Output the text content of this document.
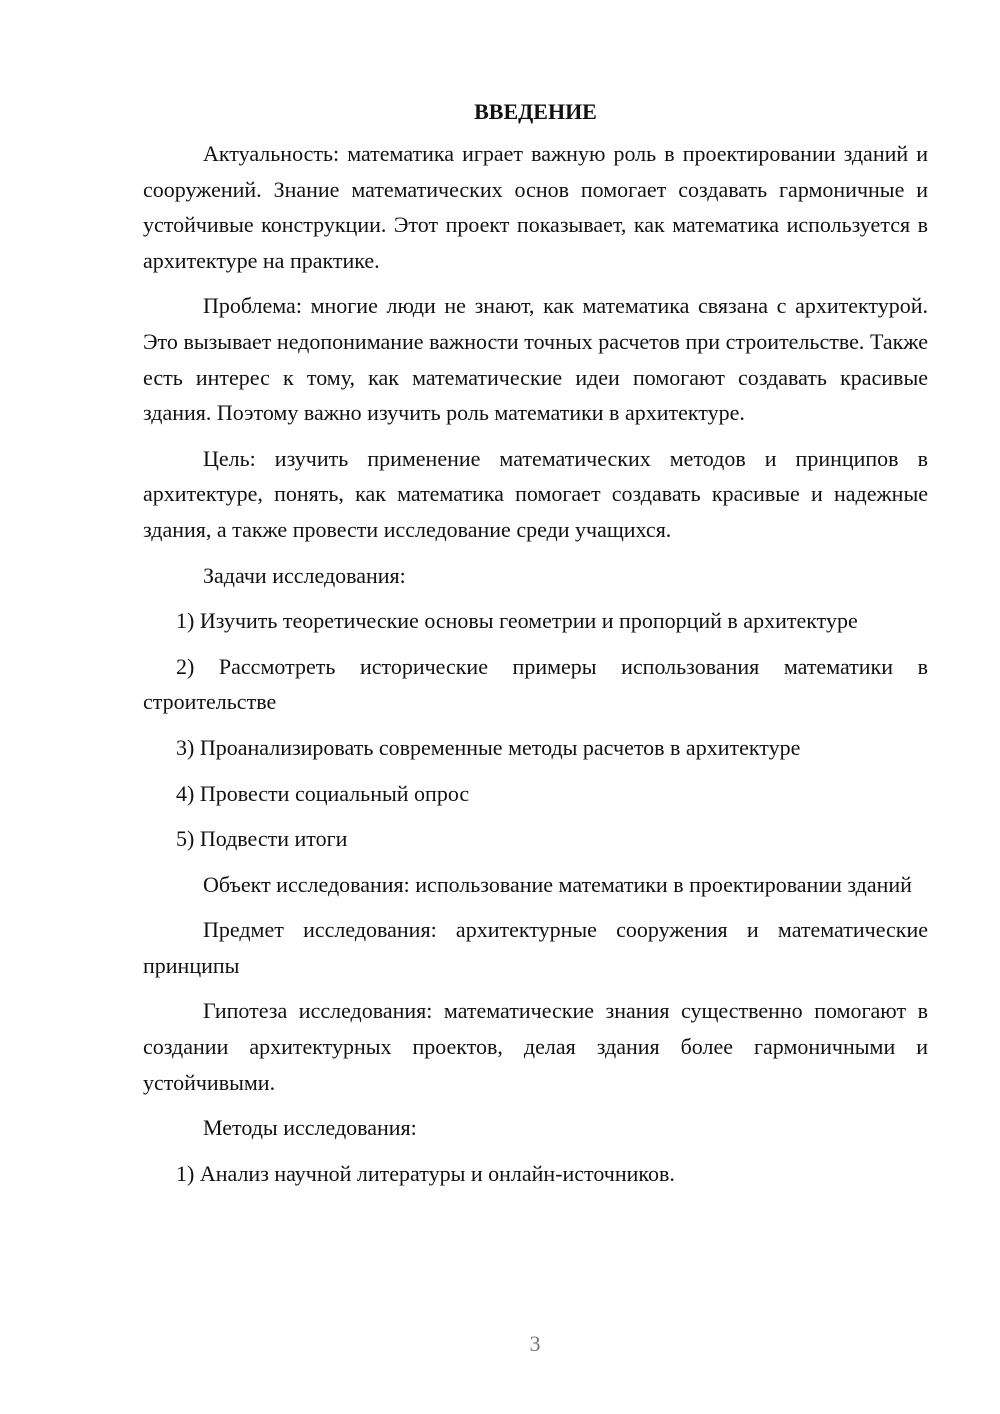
ВВЕДЕНИЕ

Актуальность: математика играет важную роль в проектировании зданий и сооружений. Знание математических основ помогает создавать гармоничные и устойчивые конструкции. Этот проект показывает, как математика используется в архитектуре на практике.

Проблема: многие люди не знают, как математика связана с архитектурой. Это вызывает недопонимание важности точных расчетов при строительстве. Также есть интерес к тому, как математические идеи помогают создавать красивые здания. Поэтому важно изучить роль математики в архитектуре.

Цель: изучить применение математических методов и принципов в архитектуре, понять, как математика помогает создавать красивые и надежные здания, а также провести исследование среди учащихся.

Задачи исследования:

1) Изучить теоретические основы геометрии и пропорций в архитектуре

2) Рассмотреть исторические примеры использования математики в строительстве

3) Проанализировать современные методы расчетов в архитектуре

4) Провести социальный опрос

5) Подвести итоги

Объект исследования: использование математики в проектировании зданий

Предмет исследования: архитектурные сооружения и математические принципы

Гипотеза исследования: математические знания существенно помогают в создании архитектурных проектов, делая здания более гармоничными и устойчивыми.

Методы исследования:

1) Анализ научной литературы и онлайн-источников.

3
